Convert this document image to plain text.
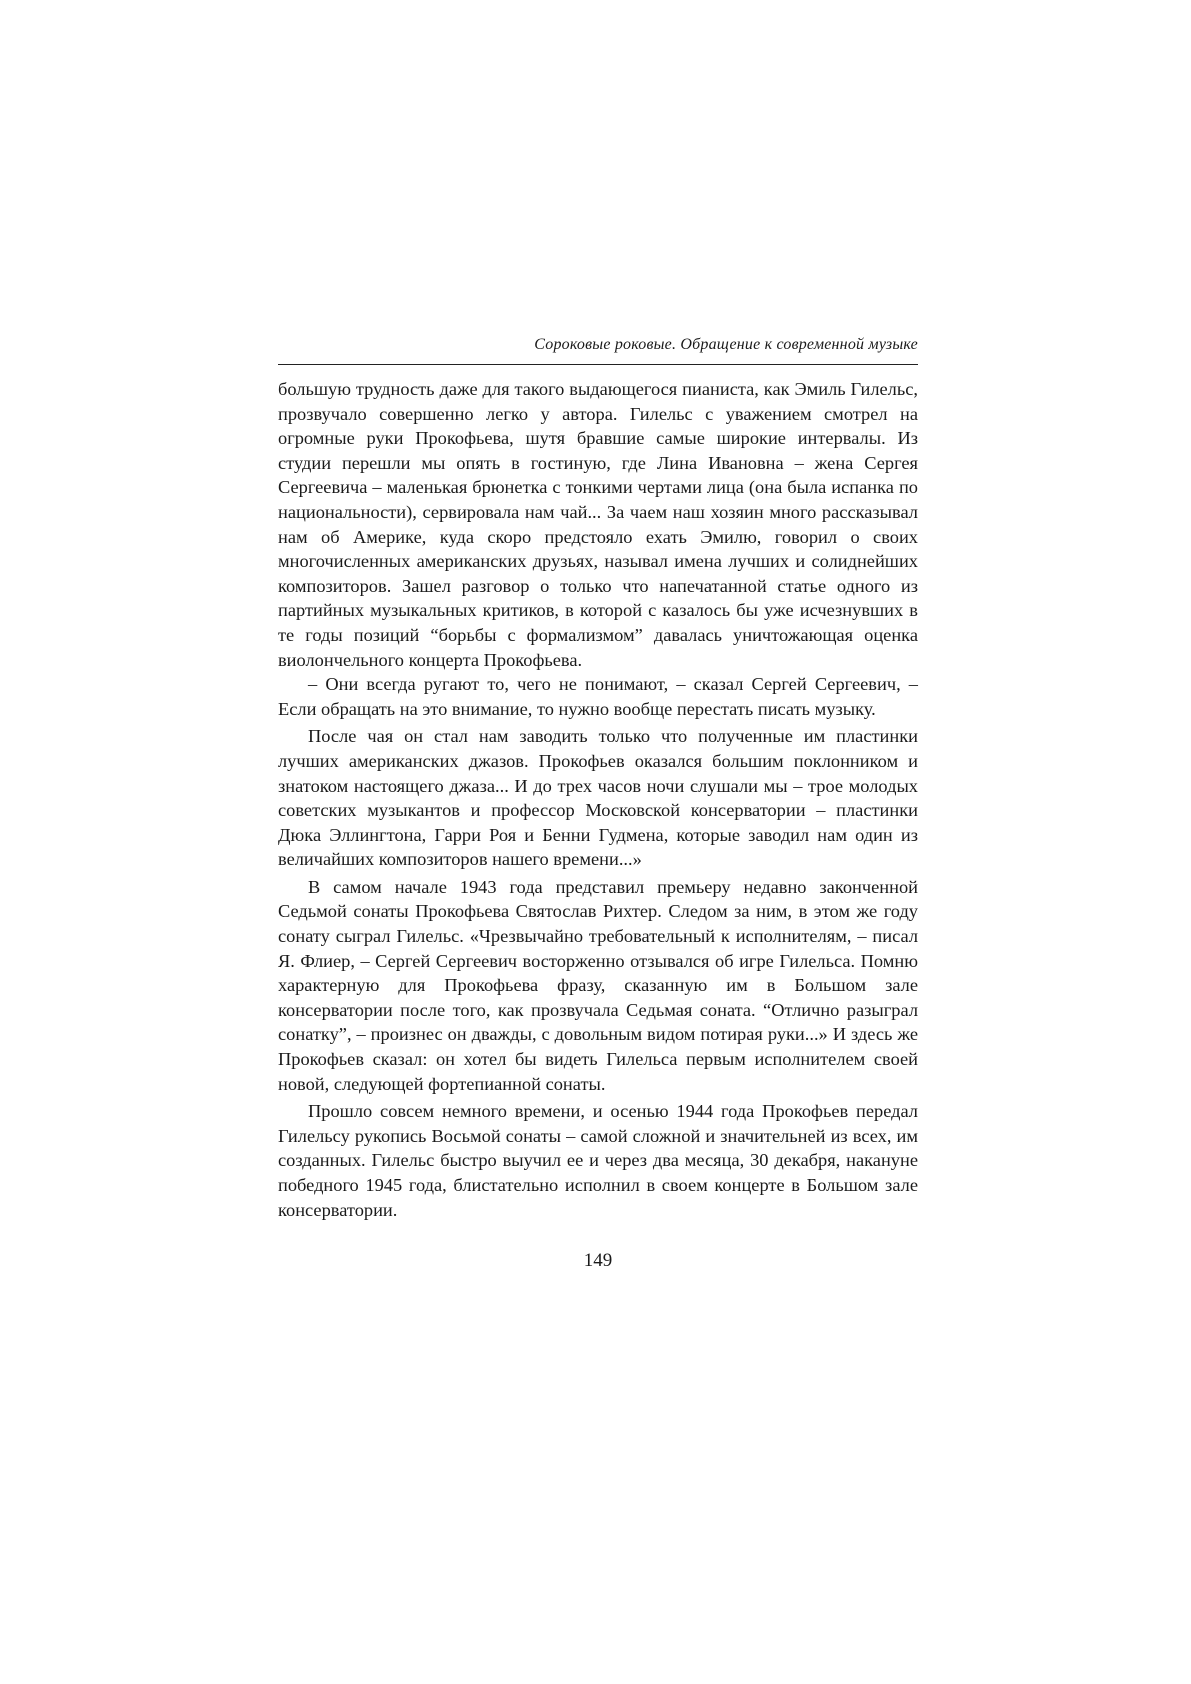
Сороковые роковые. Обращение к современной музыке

большую трудность даже для такого выдающегося пианиста, как Эмиль Гилельс, прозвучало совершенно легко у автора. Гилельс с уважением смотрел на огромные руки Прокофьева, шутя бравшие самые широкие интервалы. Из студии перешли мы опять в гостиную, где Лина Ивановна – жена Сергея Сергеевича – маленькая брюнетка с тонкими чертами лица (она была испанка по национальности), сервировала нам чай... За чаем наш хозяин много рассказывал нам об Америке, куда скоро предстояло ехать Эмилю, говорил о своих многочисленных американских друзьях, называл имена лучших и солиднейших композиторов. Зашел разговор о только что напечатанной статье одного из партийных музыкальных критиков, в которой с казалось бы уже исчезнувших в те годы позиций “борьбы с формализмом” давалась уничтожающая оценка виолончельного концерта Прокофьева.

– Они всегда ругают то, чего не понимают, – сказал Сергей Сергеевич, – Если обращать на это внимание, то нужно вообще перестать писать музыку.

После чая он стал нам заводить только что полученные им пластинки лучших американских джазов. Прокофьев оказался большим поклонником и знатоком настоящего джаза... И до трех часов ночи слушали мы – трое молодых советских музыкантов и профессор Московской консерватории – пластинки Дюка Эллингтона, Гарри Роя и Бенни Гудмена, которые заводил нам один из величайших композиторов нашего времени...»

В самом начале 1943 года представил премьеру недавно законченной Седьмой сонаты Прокофьева Святослав Рихтер. Следом за ним, в этом же году сонату сыграл Гилельс. «Чрезвычайно требовательный к исполнителям, – писал Я. Флиер, – Сергей Сергеевич восторженно отзывался об игре Гилельса. Помню характерную для Прокофьева фразу, сказанную им в Большом зале консерватории после того, как прозвучала Седьмая соната. “Отлично разыграл сонатку”, – произнес он дважды, с довольным видом потирая руки...» И здесь же Прокофьев сказал: он хотел бы видеть Гилельса первым исполнителем своей новой, следующей фортепианной сонаты.

Прошло совсем немного времени, и осенью 1944 года Прокофьев передал Гилельсу рукопись Восьмой сонаты – самой сложной и значительней из всех, им созданных. Гилельс быстро выучил ее и через два месяца, 30 декабря, накануне победного 1945 года, блистательно исполнил в своем концерте в Большом зале консерватории.

149
